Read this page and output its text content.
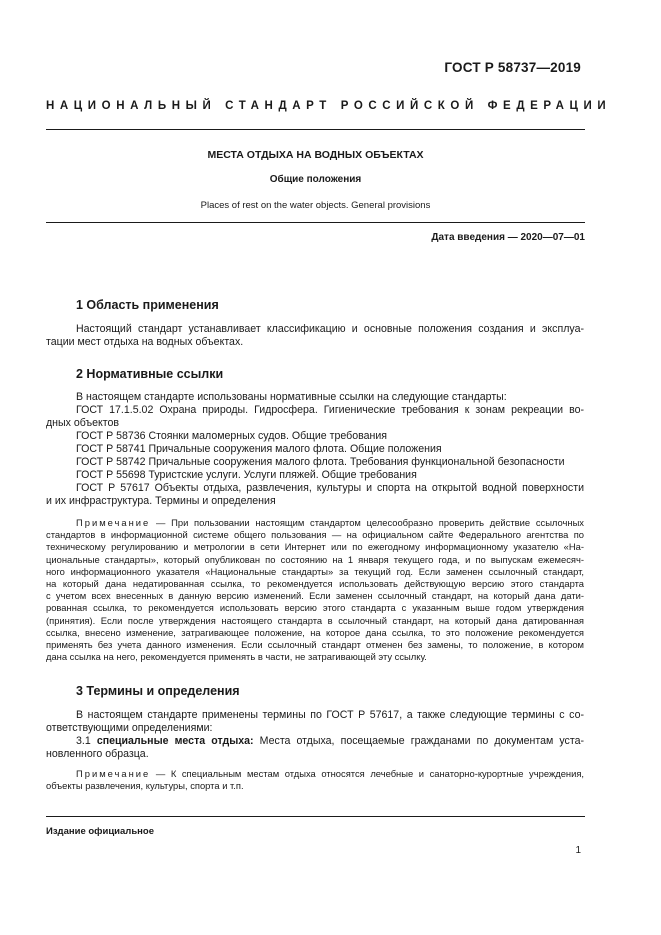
ГОСТ Р 58737—2019
НАЦИОНАЛЬНЫЙ СТАНДАРТ РОССИЙСКОЙ ФЕДЕРАЦИИ
МЕСТА ОТДЫХА НА ВОДНЫХ ОБЪЕКТАХ
Общие положения
Places of rest on the water objects. General provisions
Дата введения — 2020—07—01
1 Область применения
Настоящий стандарт устанавливает классификацию и основные положения создания и эксплуа-
тации мест отдыха на водных объектах.
2 Нормативные ссылки
В настоящем стандарте использованы нормативные ссылки на следующие стандарты:
ГОСТ 17.1.5.02 Охрана природы. Гидросфера. Гигиенические требования к зонам рекреации во-
дных объектов
ГОСТ Р 58736 Стоянки маломерных судов. Общие требования
ГОСТ Р 58741 Причальные сооружения малого флота. Общие положения
ГОСТ Р 58742 Причальные сооружения малого флота. Требования функциональной безопасности
ГОСТ Р 55698 Туристские услуги. Услуги пляжей. Общие требования
ГОСТ Р 57617 Объекты отдыха, развлечения, культуры и спорта на открытой водной поверхности
и их инфраструктура. Термины и определения
Примечание — При пользовании настоящим стандартом целесообразно проверить действие ссылочных
стандартов в информационной системе общего пользования — на официальном сайте Федерального агентства по
техническому регулированию и метрологии в сети Интернет или по ежегодному информационному указателю «На-
циональные стандарты», который опубликован по состоянию на 1 января текущего года, и по выпускам ежемесяч-
ного информационного указателя «Национальные стандарты» за текущий год. Если заменен ссылочный стандарт,
на который дана недатированная ссылка, то рекомендуется использовать действующую версию этого стандарта
с учетом всех внесенных в данную версию изменений. Если заменен ссылочный стандарт, на который дана дати-
рованная ссылка, то рекомендуется использовать версию этого стандарта с указанным выше годом утверждения
(принятия). Если после утверждения настоящего стандарта в ссылочный стандарт, на который дана датированная
ссылка, внесено изменение, затрагивающее положение, на которое дана ссылка, то это положение рекомендуется
применять без учета данного изменения. Если ссылочный стандарт отменен без замены, то положение, в котором
дана ссылка на него, рекомендуется применять в части, не затрагивающей эту ссылку.
3 Термины и определения
В настоящем стандарте применены термины по ГОСТ Р 57617, а также следующие термины с со-
ответствующими определениями:
3.1 специальные места отдыха: Места отдыха, посещаемые гражданами по документам уста-
новленного образца.
Примечание — К специальным местам отдыха относятся лечебные и санаторно-курортные учреждения,
объекты развлечения, культуры, спорта и т.п.
Издание официальное
1
